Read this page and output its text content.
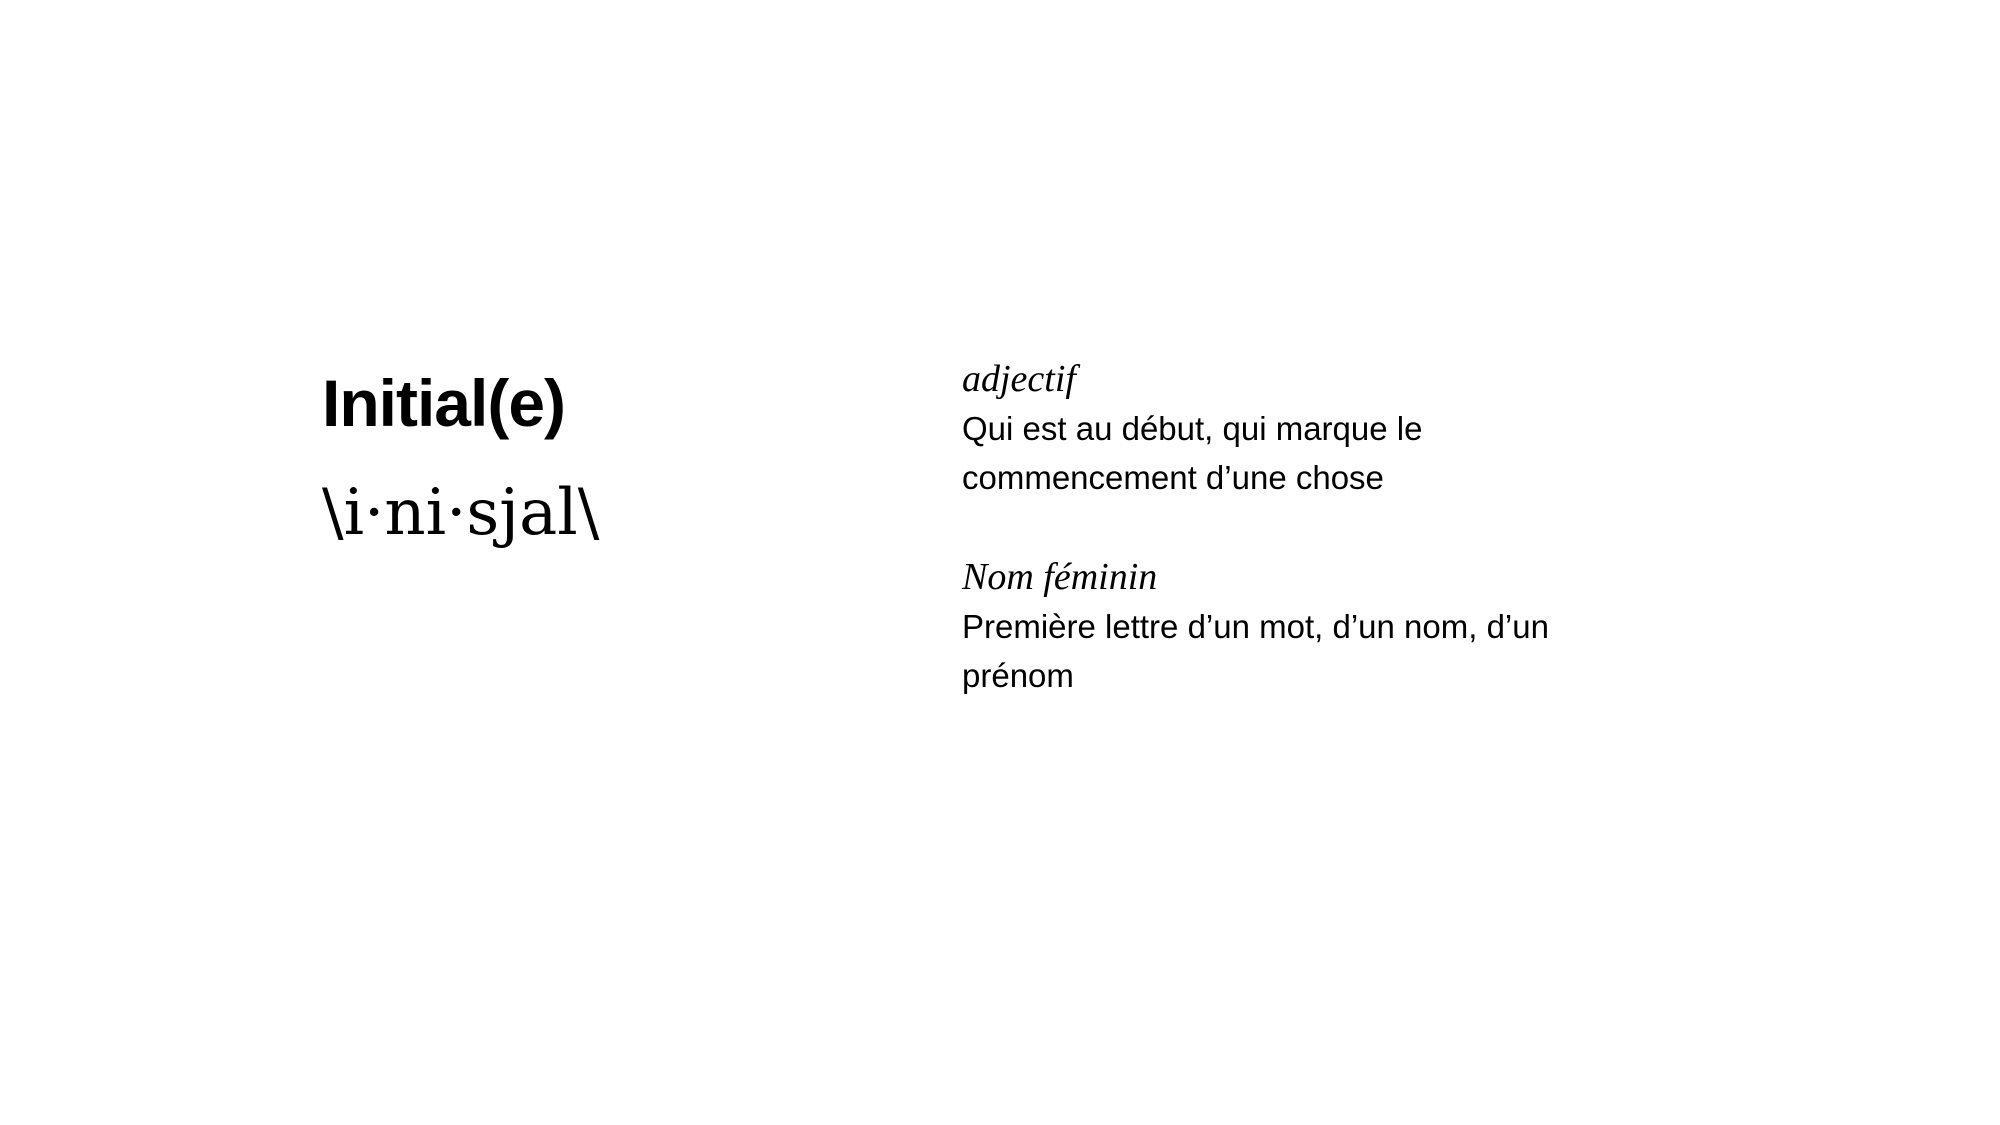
Initial(e)
\i·ni·sjal\
adjectif
Qui est au début, qui marque le commencement d’une chose
Nom féminin
Première lettre d’un mot, d’un nom, d’un prénom
